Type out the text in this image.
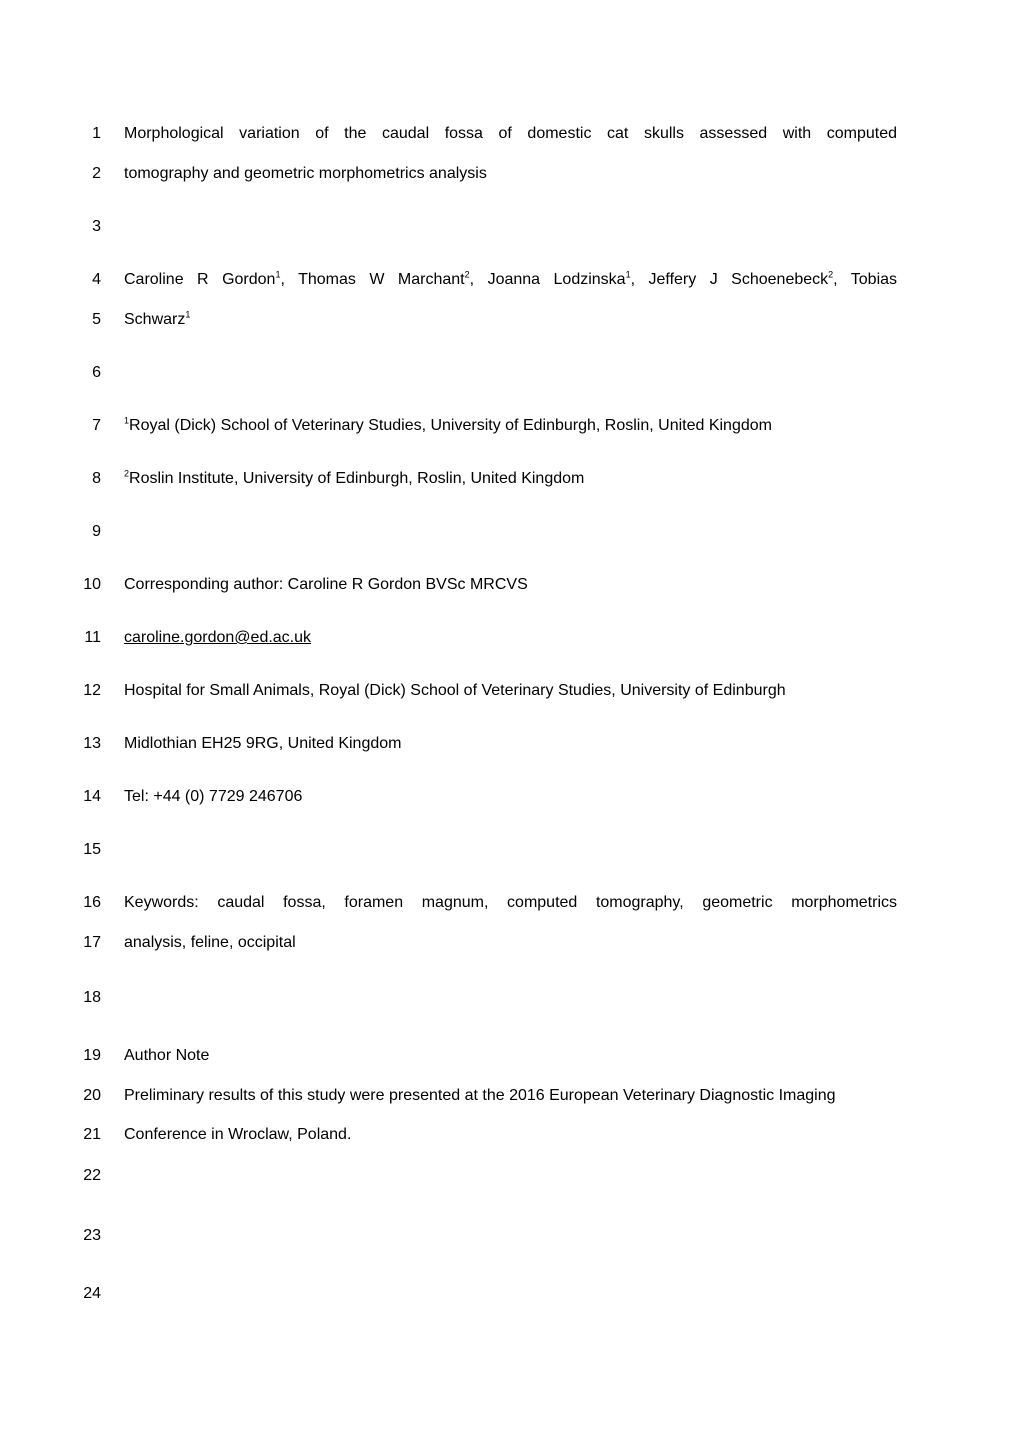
1 Morphological variation of the caudal fossa of domestic cat skulls assessed with computed
2 tomography and geometric morphometrics analysis
3
4 Caroline R Gordon$^1$, Thomas W Marchant$^2$, Joanna Lodzinska$^1$, Jeffery J Schoenebeck$^2$, Tobias
5 Schwarz$^1$
6
7	$^1$Royal (Dick) School of Veterinary Studies, University of Edinburgh, Roslin, United Kingdom
8	$^2$Roslin Institute, University of Edinburgh, Roslin, United Kingdom
9
10 Corresponding author: Caroline R Gordon BVSc MRCVS
11 caroline.gordon@ed.ac.uk
12 Hospital for Small Animals, Royal (Dick) School of Veterinary Studies, University of Edinburgh
13 Midlothian EH25 9RG, United Kingdom
14 Tel: +44 (0) 7729 246706
15
16 Keywords: caudal fossa, foramen magnum, computed tomography, geometric morphometrics
17 analysis, feline, occipital
18
19 Author Note
20 Preliminary results of this study were presented at the 2016 European Veterinary Diagnostic Imaging
21 Conference in Wroclaw, Poland.
22
23
24
